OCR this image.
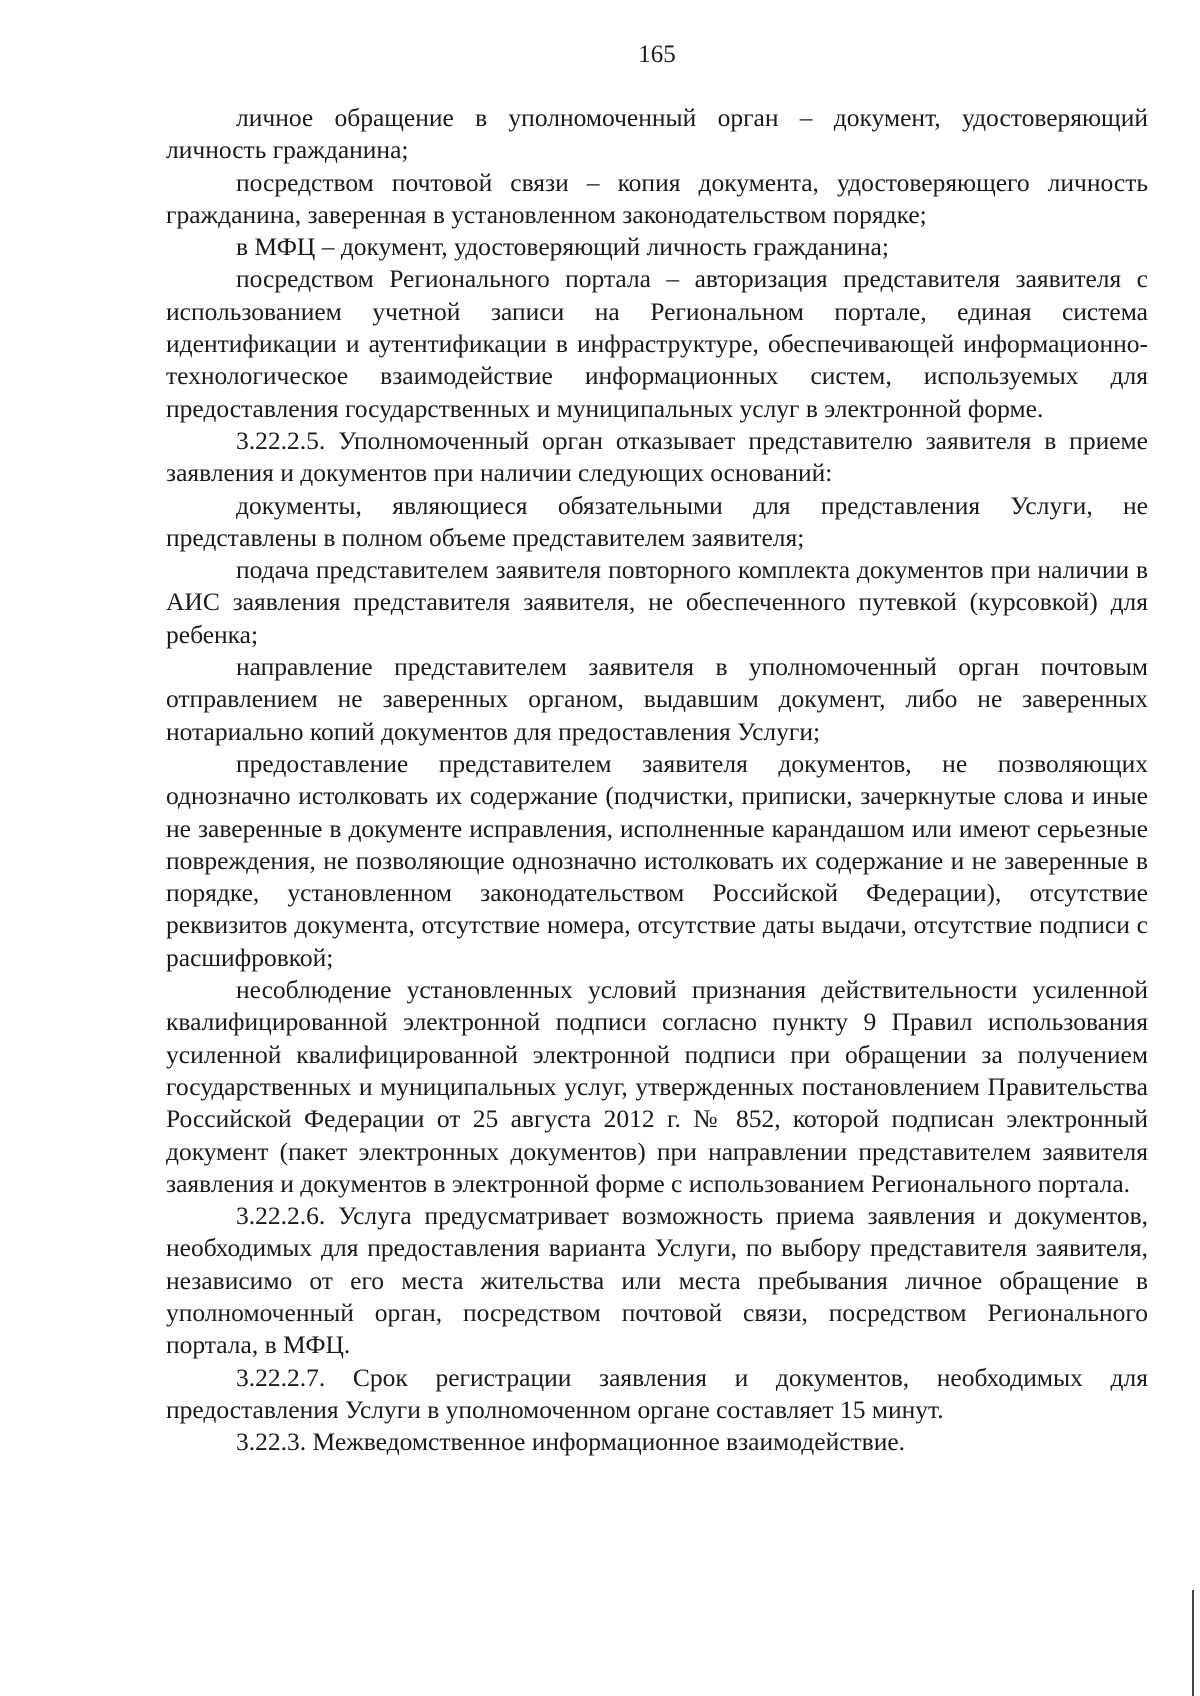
165

личное обращение в уполномоченный орган – документ, удостоверяющий личность гражданина;

посредством почтовой связи – копия документа, удостоверяющего личность гражданина, заверенная в установленном законодательством порядке;

в МФЦ – документ, удостоверяющий личность гражданина;

посредством Регионального портала – авторизация представителя заявителя с использованием учетной записи на Региональном портале, единая система идентификации и аутентификации в инфраструктуре, обеспечивающей информационно-технологическое взаимодействие информационных систем, используемых для предоставления государственных и муниципальных услуг в электронной форме.

3.22.2.5. Уполномоченный орган отказывает представителю заявителя в приеме заявления и документов при наличии следующих оснований:

документы, являющиеся обязательными для представления Услуги, не представлены в полном объеме представителем заявителя;

подача представителем заявителя повторного комплекта документов при наличии в АИС заявления представителя заявителя, не обеспеченного путевкой (курсовкой) для ребенка;

направление представителем заявителя в уполномоченный орган почтовым отправлением не заверенных органом, выдавшим документ, либо не заверенных нотариально копий документов для предоставления Услуги;

предоставление представителем заявителя документов, не позволяющих однозначно истолковать их содержание (подчистки, приписки, зачеркнутые слова и иные не заверенные в документе исправления, исполненные карандашом или имеют серьезные повреждения, не позволяющие однозначно истолковать их содержание и не заверенные в порядке, установленном законодательством Российской Федерации), отсутствие реквизитов документа, отсутствие номера, отсутствие даты выдачи, отсутствие подписи с расшифровкой;

несоблюдение установленных условий признания действительности усиленной квалифицированной электронной подписи согласно пункту 9 Правил использования усиленной квалифицированной электронной подписи при обращении за получением государственных и муниципальных услуг, утвержденных постановлением Правительства Российской Федерации от 25 августа 2012 г. № 852, которой подписан электронный документ (пакет электронных документов) при направлении представителем заявителя заявления и документов в электронной форме с использованием Регионального портала.

3.22.2.6. Услуга предусматривает возможность приема заявления и документов, необходимых для предоставления варианта Услуги, по выбору представителя заявителя, независимо от его места жительства или места пребывания личное обращение в уполномоченный орган, посредством почтовой связи, посредством Регионального портала, в МФЦ.

3.22.2.7. Срок регистрации заявления и документов, необходимых для предоставления Услуги в уполномоченном органе составляет 15 минут.

3.22.3. Межведомственное информационное взаимодействие.
